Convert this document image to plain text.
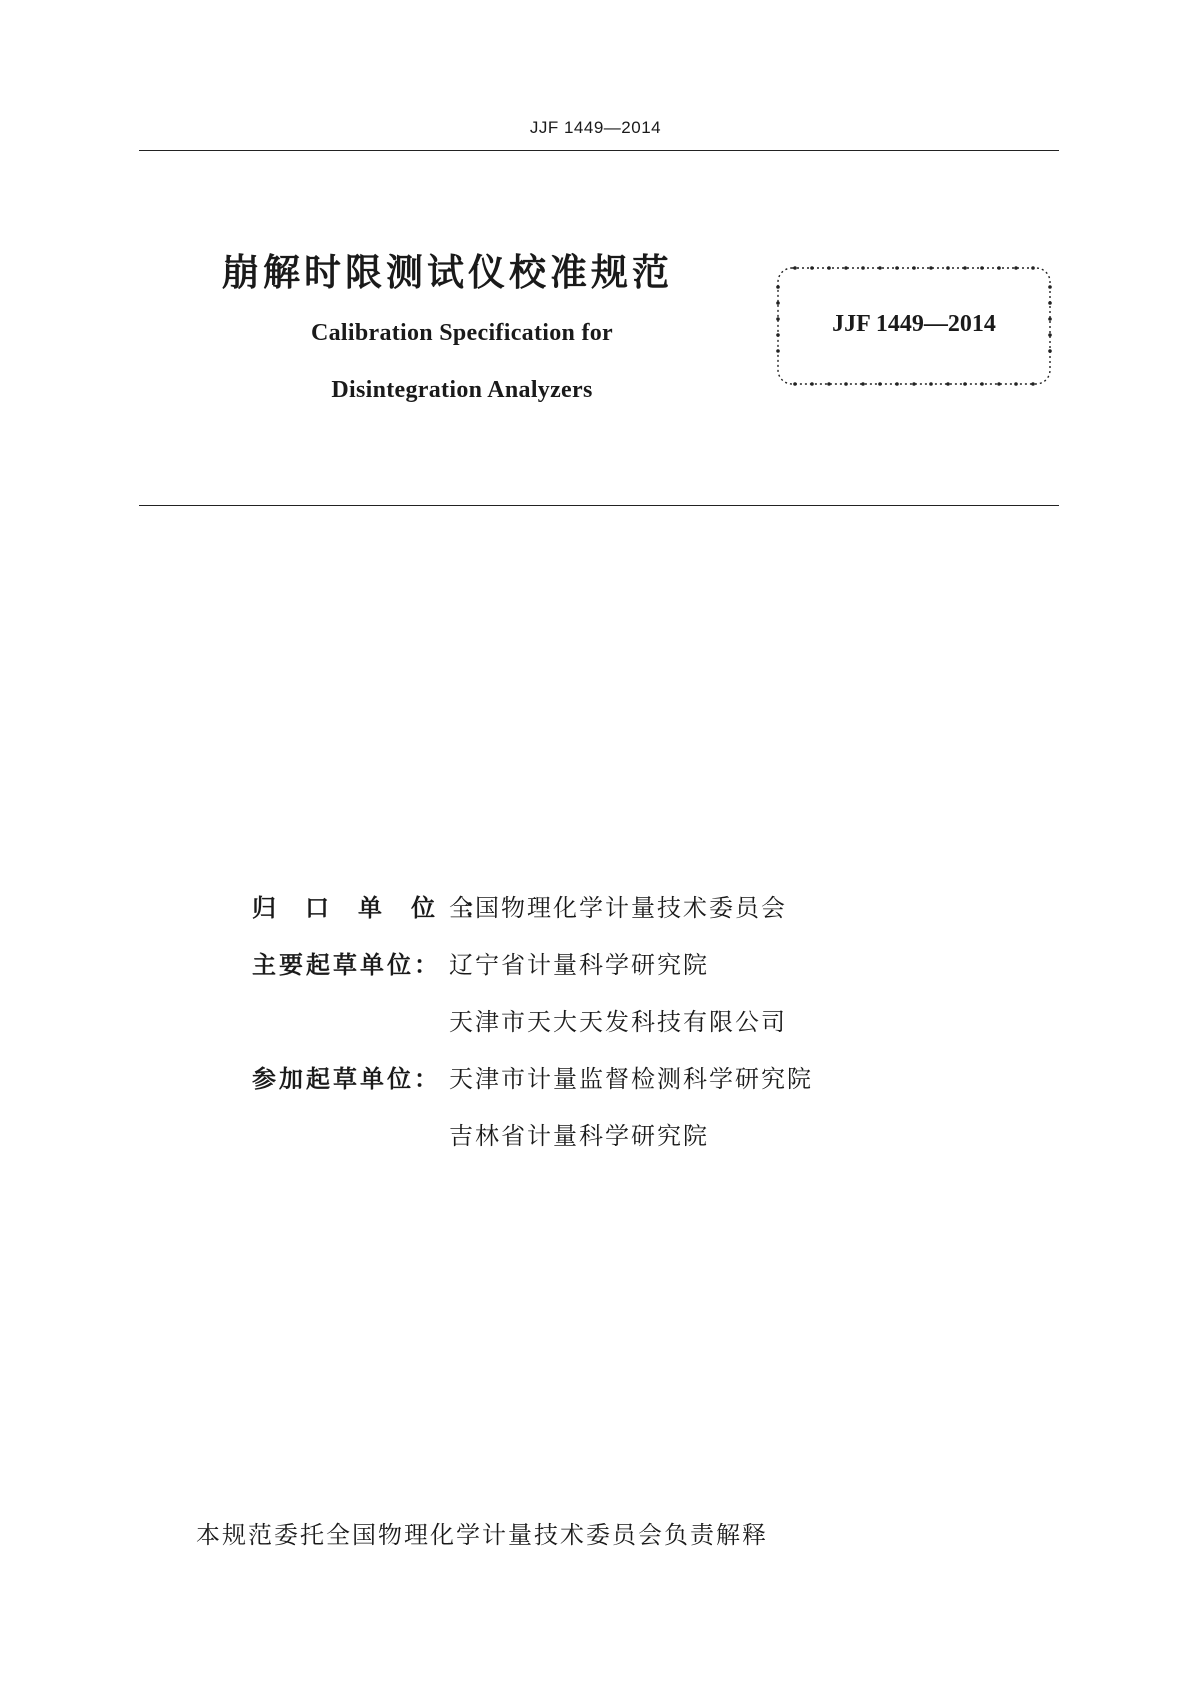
JJF 1449—2014
崩解时限测试仪校准规范
Calibration Specification for
Disintegration Analyzers
JJF 1449—2014
归口单位：
全国物理化学计量技术委员会
主要起草单位： 辽宁省计量科学研究院
天津市天大天发科技有限公司
参加起草单位： 天津市计量监督检测科学研究院
吉林省计量科学研究院
本规范委托全国物理化学计量技术委员会负责解释
